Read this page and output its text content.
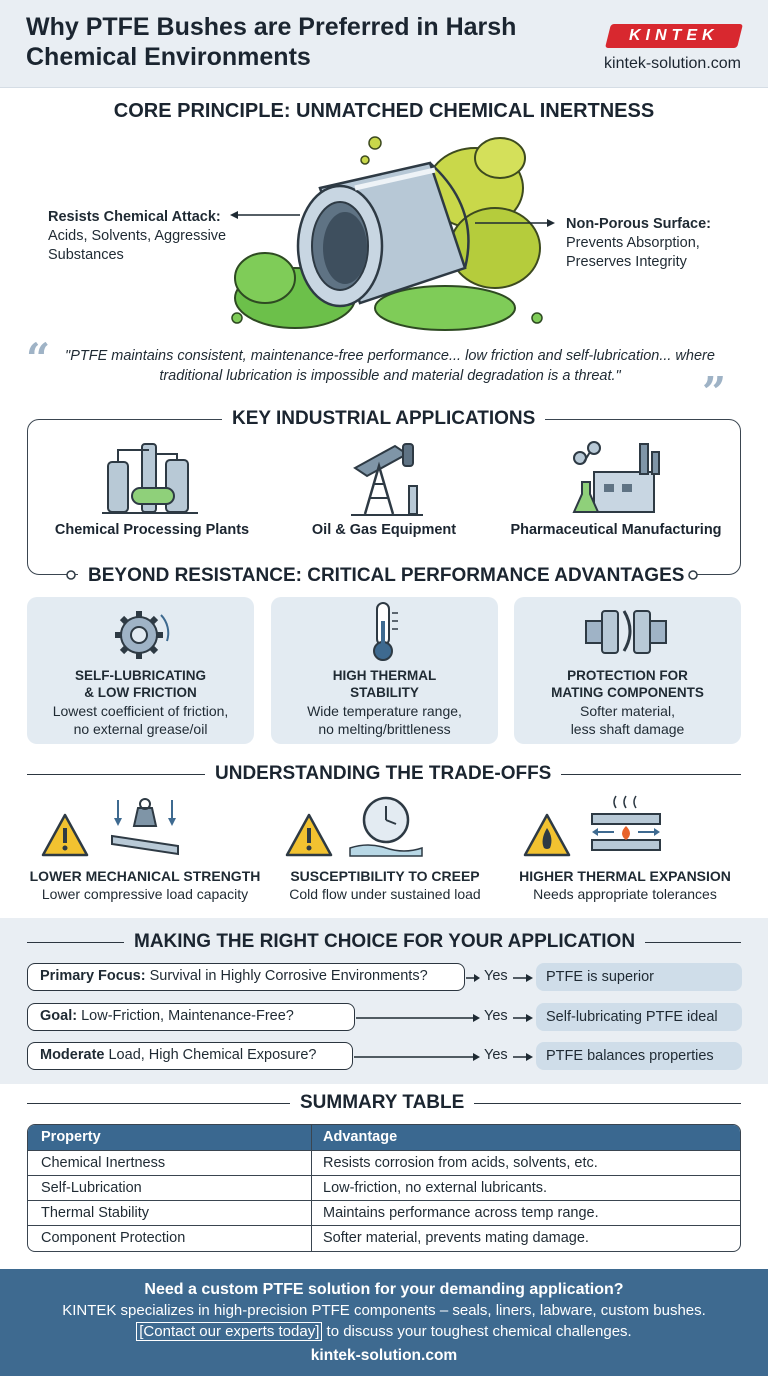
Why PTFE Bushes are Preferred in Harsh Chemical Environments
KINTEK
kintek-solution.com
CORE PRINCIPLE: UNMATCHED CHEMICAL INERTNESS
Resists Chemical Attack:
Acids, Solvents, Aggressive Substances
Non-Porous Surface:
Prevents Absorption, Preserves Integrity
“	"PTFE maintains consistent, maintenance-free performance... low friction and self-lubrication... where traditional lubrication is impossible and material degradation is a threat."	”
KEY INDUSTRIAL APPLICATIONS
Chemical Processing Plants	Oil & Gas Equipment	Pharmaceutical Manufacturing
BEYOND RESISTANCE: CRITICAL PERFORMANCE ADVANTAGES
SELF-LUBRICATING
& LOW FRICTION
Lowest coefficient of friction,
no external grease/oil
HIGH THERMAL
STABILITY
Wide temperature range,
no melting/brittleness
PROTECTION FOR
MATING COMPONENTS
Softer material,
less shaft damage
UNDERSTANDING THE TRADE-OFFS
LOWER MECHANICAL STRENGTH
Lower compressive load capacity
SUSCEPTIBILITY TO CREEP
Cold flow under sustained load
HIGHER THERMAL EXPANSION
Needs appropriate tolerances
MAKING THE RIGHT CHOICE FOR YOUR APPLICATION
Primary Focus: Survival in Highly Corrosive Environments?	Yes	PTFE is superior
Goal: Low-Friction, Maintenance-Free?	Yes	Self-lubricating PTFE ideal
Moderate Load, High Chemical Exposure?	Yes	PTFE balances properties
SUMMARY TABLE
Property	Advantage
Chemical Inertness	Resists corrosion from acids, solvents, etc.
Self-Lubrication	Low-friction, no external lubricants.
Thermal Stability	Maintains performance across temp range.
Component Protection	Softer material, prevents mating damage.
Need a custom PTFE solution for your demanding application?
KINTEK specializes in high-precision PTFE components – seals, liners, labware, custom bushes.
[Contact our experts today] to discuss your toughest chemical challenges.
kintek-solution.com
